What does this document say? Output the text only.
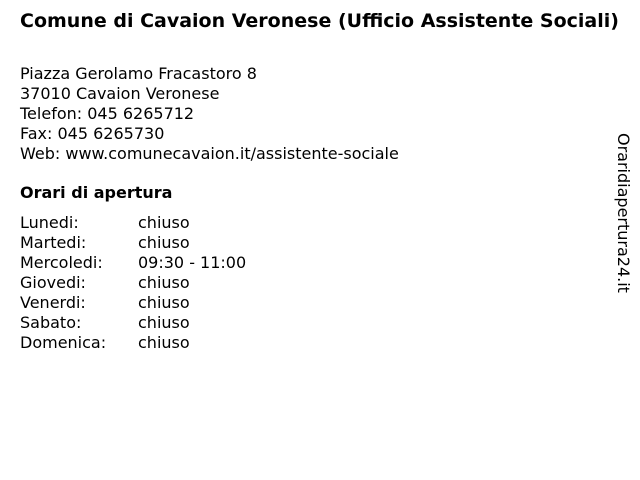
Comune di Cavaion Veronese (Ufficio Assistente Sociali)
Piazza Gerolamo Fracastoro 8
37010 Cavaion Veronese
Telefon: 045 6265712
Fax: 045 6265730
Web: www.comunecavaion.it/assistente-sociale
Orari di apertura
Lunedi:	chiuso
Martedi:	chiuso
Mercoledi:	09:30 - 11:00
Giovedi:	chiuso
Venerdi:	chiuso
Sabato:	chiuso
Domenica:	chiuso
Oraridiapertura24.it
